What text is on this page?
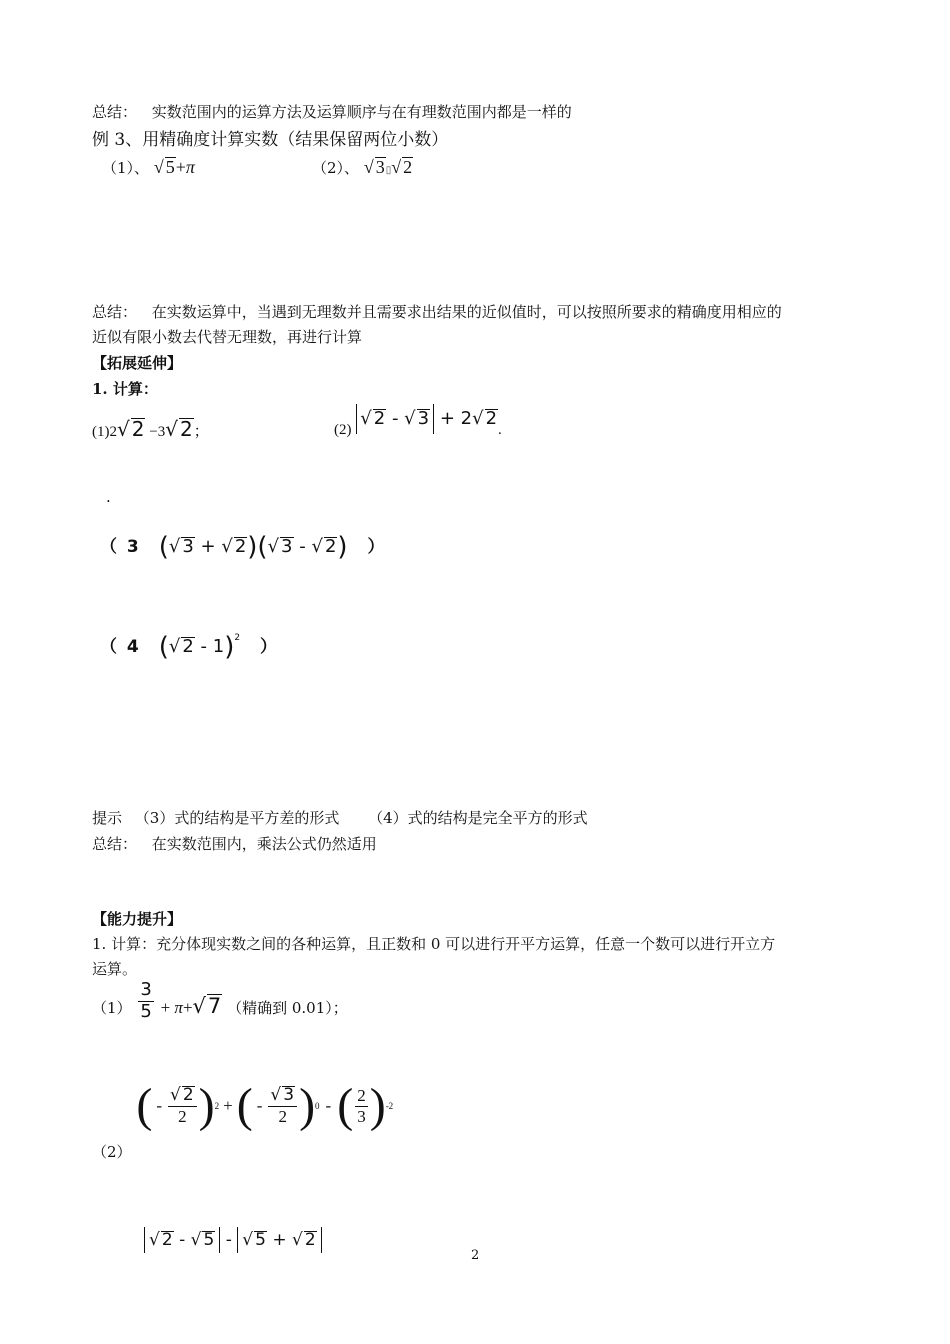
总结： 实数范围内的运算方法及运算顺序与在有理数范围内都是一样的
例 3、用精确度计算实数（结果保留两位小数）
（1）、 √ 5+π	（2）、 √ 3▯√ 2
总结： 在实数运算中，当遇到无理数并且需要求出结果的近似值时，可以按照所要求的精确度用相应的
近似有限小数去代替无理数，再进行计算
【拓展延伸】
1. 计算：
(1)2√ 2 −3√ 2；	(2) √ 2 - √ 3 + 2√ 2.
.
（ 3 (√ 3 + √ 2)(√ 3 - √ 2) ）
（ 4 (√ 2 - 1)$^2$ ）
提示 （3）式的结构是平方差的形式 （4）式的结构是完全平方的形式
总结： 在实数范围内，乘法公式仍然适用
【能力提升】
1. 计算：充分体现实数之间的各种运算，且正数和 0 可以进行开平方运算，任意一个数可以进行开立方
运算。
$(1) \frac{3}{5} + \pi+√7$ （精确到 0.01）；
（2）
( - $\frac{√ 2}{2}$ ) 2 + ( - $\frac{√ 3}{2}$ ) 0 - ( $\frac{2}{3}$ ) -2
√ 2 - √ 5 - √ 5 + √ 2
2
